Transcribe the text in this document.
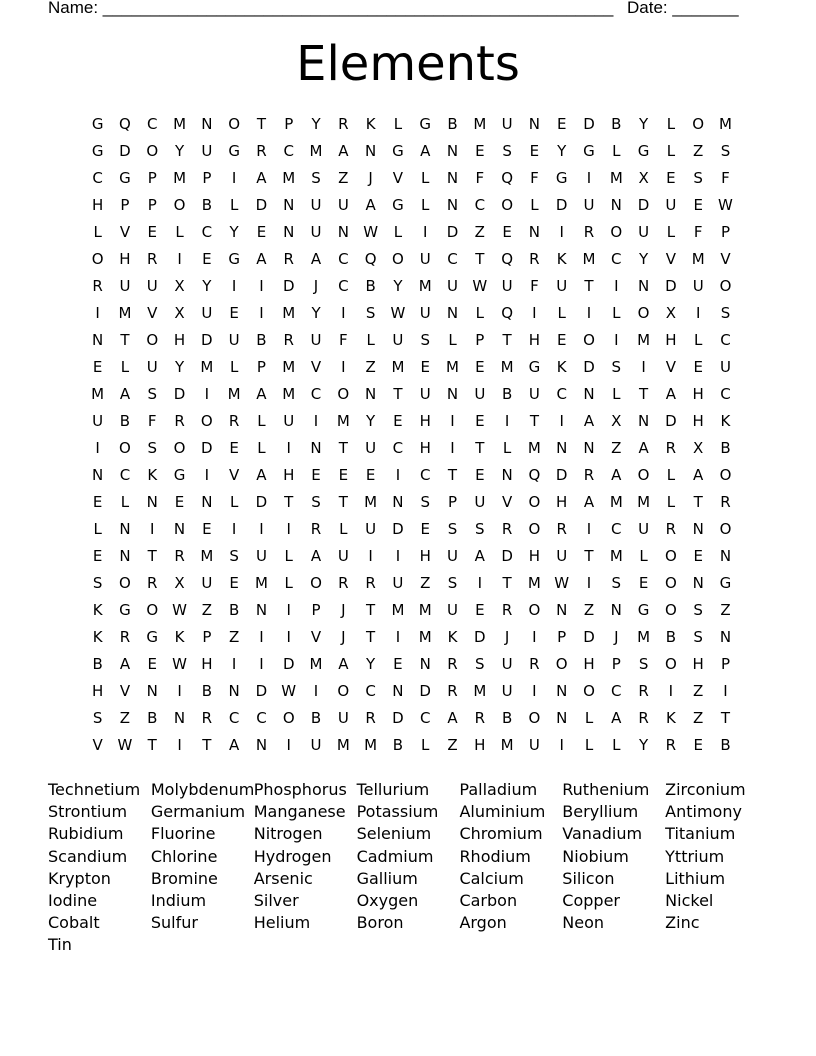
Name: ______________________________________________________ Date: _______
Elements
G	Q	C	M	N	O	T	P	Y	R	K	L	G	B	M	U	N	E	D	B	Y	L	O M
G	D	O	Y	U	G	R	C	M	A	N	G	A	N	E	S	E	Y	G	L	G	L	Z	S
C	G	P	M	P	I	A	M	S	Z	J	V	L	N	F	Q	F	G	I	M	X	E	S	F
H	P	P	O	B	L	D	N	U	U	A	G	L	N	C	O	L	D	U	N	D	U	E	W
L	V	E	L	C	Y	E	N	U	N W	L	I	D	Z	E	N	I	R	O	U	L	F	P
O	H	R	I	E	G	A	R	A	C	Q	O	U	C	T	Q	R	K	M	C	Y	V	M	V
R	U	U	X	Y	I	I	D	J	C	B	Y	M	U W U	F	U	T	I	N	D	U	O
I	M	V	X	U	E	I	M	Y	I	S	W U	N	L	Q	I	L	I	L	O	X	I	S
N	T	O	H	D	U	B	R	U	F	L	U	S	L	P	T	H	E	O	I	M	H	L	C
E	L	U	Y	M	L	P	M	V	I	Z	M	E	M	E	M	G	K	D	S	I	V	E	U
M	A	S	D	I	M	A	M	C	O	N	T	U	N	U	B	U	C	N	L	T	A	H	C
U	B	F	R	O	R	L	U	I	M	Y	E	H	I	E	I	T	I	A	X	N	D	H	K
I	O	S	O	D	E	L	I	N	T	U	C	H	I	T	L	M	N	N	Z	A	R	X	B
N	C	K	G	I	V	A	H	E	E	E	I	C	T	E	N	Q	D	R	A	O	L	A	O
E	L	N	E	N	L	D	T	S	T	M	N	S	P	U	V	O	H	A	M M	L	T	R
L	N	I	N	E	I	I	I	R	L	U	D	E	S	S	R	O	R	I	C	U	R	N	O
E	N	T	R	M	S	U	L	A	U	I	I	H	U	A	D	H	U	T	M	L	O	E	N
S	O	R	X	U	E	M	L	O	R	R	U	Z	S	I	T	M W	I	S	E	O	N	G
K	G	O W Z	B	N	I	P	J	T	M M	U	E	R	O	N	Z	N	G	O	S	Z
K	R	G	K	P	Z	I	I	V	J	T	I	M	K	D	J	I	P	D	J	M	B	S	N
B	A	E	W H	I	I	D	M	A	Y	E	N	R	S	U	R	O	H	P	S	O	H	P
H	V	N	I	B	N	D W	I	O	C	N	D	R	M	U	I	N	O	C	R	I	Z	I
S	Z	B	N	R	C	C	O	B	U	R	D	C	A	R	B	O	N	L	A	R	K	Z	T
V W	T	I	T	A	N	I	U	M M	B	L	Z	H	M	U	I	L	L	Y	R	E	B
Technetium Molybdenum Phosphorus Tellurium	Palladium	Ruthenium Zirconium
Strontium	Germanium Manganese Potassium	Aluminium	Beryllium	Antimony
Rubidium	Fluorine	Nitrogen	Selenium	Chromium	Vanadium	Titanium
Scandium	Chlorine	Hydrogen	Cadmium	Rhodium	Niobium	Yttrium
Krypton	Bromine	Arsenic	Gallium	Calcium	Silicon	Lithium
Iodine	Indium	Silver	Oxygen	Carbon	Copper	Nickel
Cobalt	Sulfur	Helium	Boron	Argon	Neon	Zinc
Tin
